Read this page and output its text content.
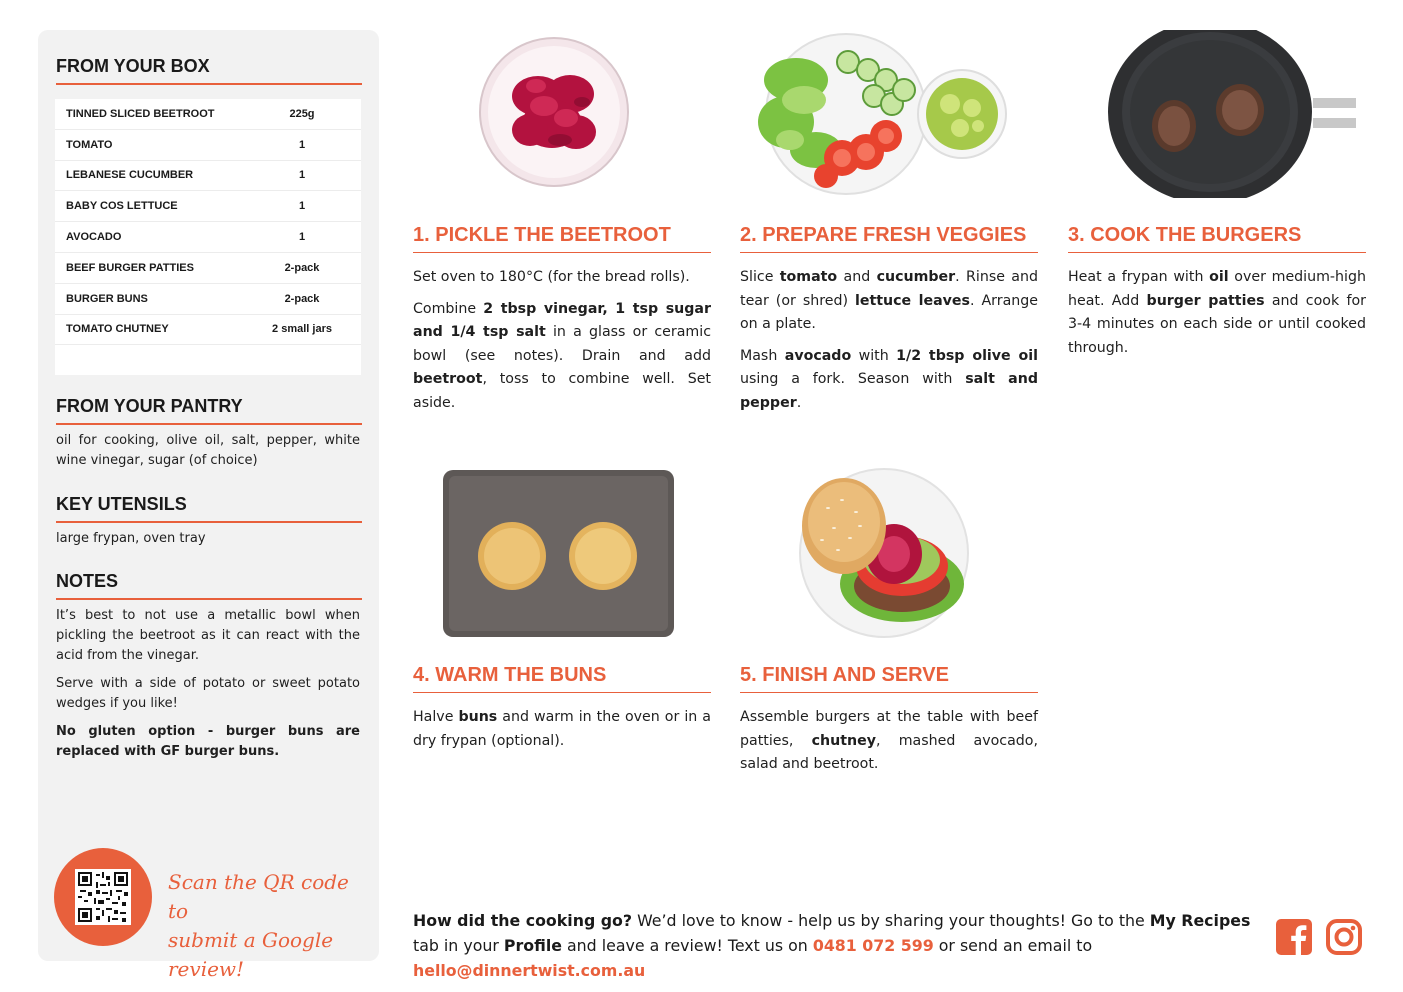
FROM YOUR BOX
TINNED SLICED BEETROOT	225g
TOMATO	1
LEBANESE CUCUMBER	1
BABY COS LETTUCE	1
AVOCADO	1
BEEF BURGER PATTIES	2-pack
BURGER BUNS	2-pack
TOMATO CHUTNEY	2 small jars
FROM YOUR PANTRY
oil for cooking, olive oil, salt, pepper, white wine vinegar, sugar (of choice)
KEY UTENSILS
large frypan, oven tray
NOTES

It’s best to not use a metallic bowl when pickling the beetroot as it can react with the acid from the vinegar.

Serve with a side of potato or sweet potato wedges if you like!

No gluten option - burger buns are replaced with GF burger buns.

Scan the QR code to
submit a Google review!
1. PICKLE THE BEETROOT

Set oven to 180°C (for the bread rolls).

Combine 2 tbsp vinegar, 1 tsp sugar and 1/4 tsp salt in a glass or ceramic bowl (see notes). Drain and add beetroot, toss to combine well. Set aside.

2. PREPARE FRESH VEGGIES

Slice tomato and cucumber. Rinse and tear (or shred) lettuce leaves. Arrange on a plate.

Mash avocado with 1/2 tbsp olive oil using a fork. Season with salt and pepper.

3. COOK THE BURGERS

Heat a frypan with oil over medium-high heat. Add burger patties and cook for 3-4 minutes on each side or until cooked through.

4. WARM THE BUNS

Halve buns and warm in the oven or in a dry frypan (optional).

5. FINISH AND SERVE

Assemble burgers at the table with beef patties, chutney, mashed avocado, salad and beetroot.

How did the cooking go? We’d love to know - help us by sharing your thoughts! Go to the My Recipes tab in your Profile and leave a review! Text us on 0481 072 599 or send an email to hello@dinnertwist.com.au
